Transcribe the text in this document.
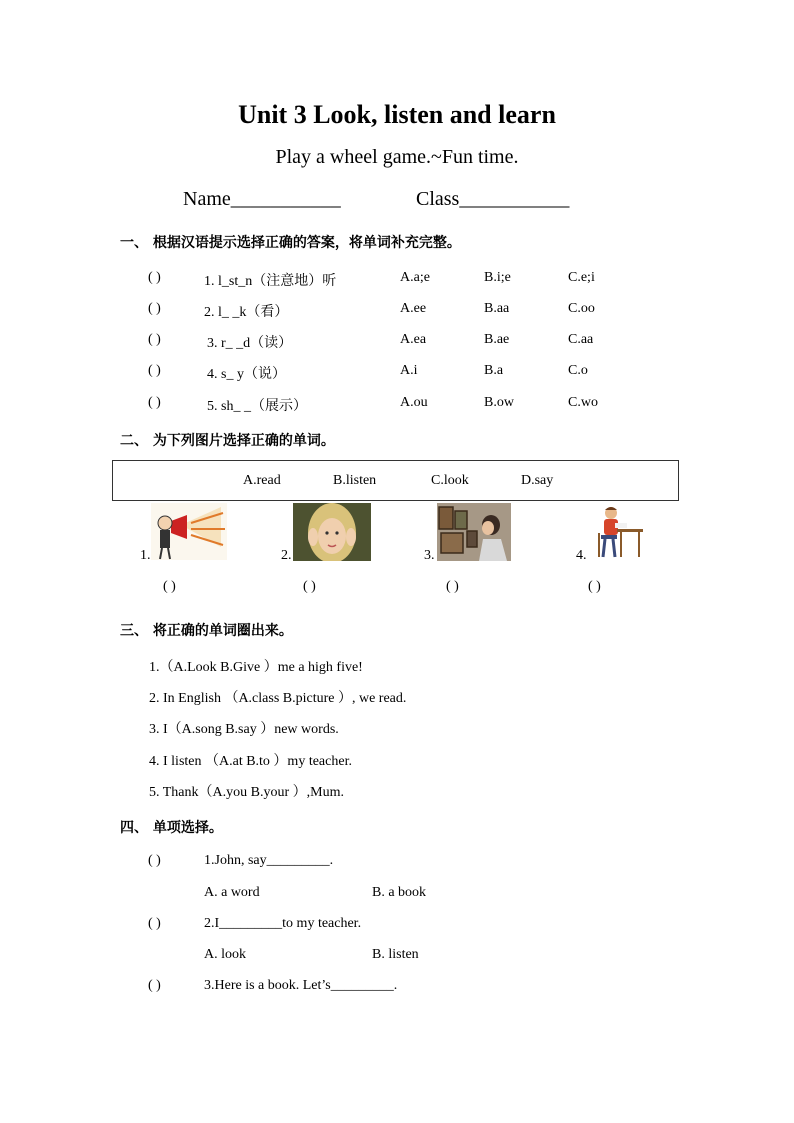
Unit 3 Look, listen and learn
Play a wheel game.~Fun time.
Name___________	Class___________
一、 根据汉语提示选择正确的答案，将单词补充完整。
( )	1. l_st_n（注意地）听	A.a;e	B.i;e	C.e;i
( )	2. l_ _k（看）	A.ee	B.aa	C.oo
( )	3. r_ _d（读）	A.ea	B.ae	C.aa
( )	4. s_ y（说）	A.i	B.a	C.o
( )	5. sh_ _（展示）	A.ou	B.ow	C.wo
二、 为下列图片选择正确的单词。
A.read	B.listen	C.look	D.say
1.
( )
2.
( )
3.
( )
4.
( )
三、 将正确的单词圈出来。
1.（A.Look B.Give ）me a high five!
2. In English （A.class B.picture ）, we read.
3. I（A.song B.say ）new words.
4. I listen （A.at B.to ）my teacher.
5. Thank（A.you B.your ）,Mum.
四、 单项选择。
( )	1.John, say_________.
A. a word	B. a book
( )	2.I_________to my teacher.
A. look	B. listen
( )	3.Here is a book. Let’s_________.
